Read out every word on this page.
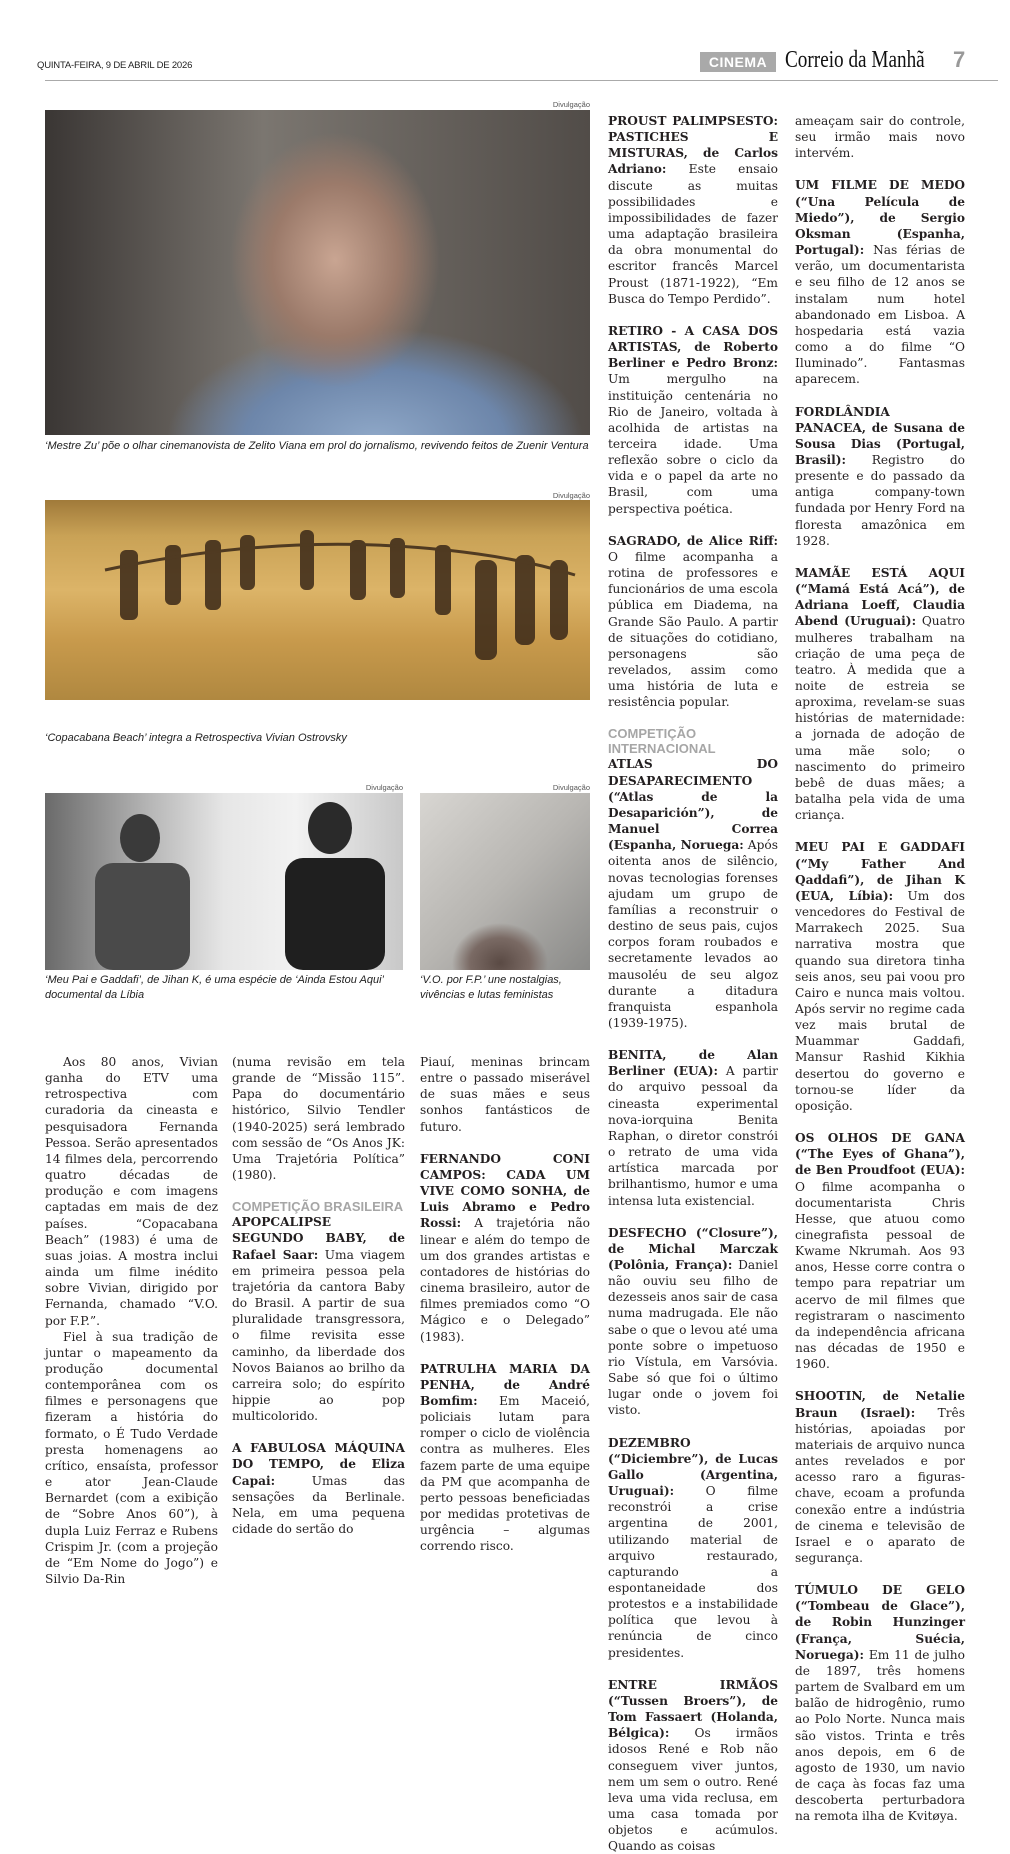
QUINTA-FEIRA, 9 DE ABRIL DE 2026	CINEMA Correio da Manhã 7
Divulgação
‘Mestre Zu’ põe o olhar cinemanovista de Zelito Viana em prol do jornalismo, revivendo feitos de Zuenir Ventura
Divulgação
‘Copacabana Beach’ integra a Retrospectiva Vivian Ostrovsky
Divulgação
‘Meu Pai e Gaddafi’, de Jihan K, é uma espécie de ‘Ainda Estou Aqui’ documental da Líbia
Divulgação
‘V.O. por F.P.’ une nostalgias, vivências e lutas feministas

Aos 80 anos, Vivian ganha do ETV uma retrospectiva com curadoria da cineasta e pesquisadora Fernanda Pessoa. Serão apresentados 14 filmes dela, percorrendo quatro décadas de produção e com imagens captadas em mais de dez países. “Copacabana Beach” (1983) é uma de suas joias. A mostra inclui ainda um filme inédito sobre Vivian, dirigido por Fernanda, chamado “V.O. por F.P.”.

Fiel à sua tradição de juntar o mapeamento da produção documental contemporânea com os filmes e personagens que fizeram a história do formato, o É Tudo Verdade presta homenagens ao crítico, ensaísta, professor e ator Jean-Claude Bernardet (com a exibição de “Sobre Anos 60”), à dupla Luiz Ferraz e Rubens Crispim Jr. (com a projeção de “Em Nome do Jogo”) e Silvio Da-Rin

(numa revisão em tela grande de “Missão 115”. Papa do documentário histórico, Silvio Tendler (1940-2025) será lembrado com sessão de “Os Anos JK: Uma Trajetória Política” (1980).

COMPETIÇÃO BRASILEIRA

APOPCALIPSE SEGUNDO BABY, de Rafael Saar: Uma viagem em primeira pessoa pela trajetória da cantora Baby do Brasil. A partir de sua pluralidade transgressora, o filme revisita esse caminho, da liberdade dos Novos Baianos ao brilho da carreira solo; do espírito hippie ao pop multicolorido.

A FABULOSA MÁQUINA DO TEMPO, de Eliza Capai: Umas das sensações da Berlinale. Nela, em uma pequena cidade do sertão do

Piauí, meninas brincam entre o passado miserável de suas mães e seus sonhos fantásticos de futuro.

FERNANDO CONI CAMPOS: CADA UM VIVE COMO SONHA, de Luis Abramo e Pedro Rossi: A trajetória não linear e além do tempo de um dos grandes artistas e contadores de histórias do cinema brasileiro, autor de filmes premiados como “O Mágico e o Delegado” (1983).

PATRULHA MARIA DA PENHA, de André Bomfim: Em Maceió, policiais lutam para romper o ciclo de violência contra as mulheres. Eles fazem parte de uma equipe da PM que acompanha de perto pessoas beneficiadas por medidas protetivas de urgência – algumas correndo risco.

PROUST PALIMPSESTO: PASTICHES E MISTURAS, de Carlos Adriano: Este ensaio discute as muitas possibilidades e impossibilidades de fazer uma adaptação brasileira da obra monumental do escritor francês Marcel Proust (1871-1922), “Em Busca do Tempo Perdido”.

RETIRO - A CASA DOS ARTISTAS, de Roberto Berliner e Pedro Bronz: Um mergulho na instituição centenária no Rio de Janeiro, voltada à acolhida de artistas na terceira idade. Uma reflexão sobre o ciclo da vida e o papel da arte no Brasil, com uma perspectiva poética.

SAGRADO, de Alice Riff: O filme acompanha a rotina de professores e funcionários de uma escola pública em Diadema, na Grande São Paulo. A partir de situações do cotidiano, personagens são revelados, assim como uma história de luta e resistência popular.

COMPETIÇÃO INTERNACIONAL

ATLAS DO DESAPARECIMENTO (“Atlas de la Desaparición”), de Manuel Correa (Espanha, Noruega: Após oitenta anos de silêncio, novas tecnologias forenses ajudam um grupo de famílias a reconstruir o destino de seus pais, cujos corpos foram roubados e secretamente levados ao mausoléu de seu algoz durante a ditadura franquista espanhola (1939-1975).

BENITA, de Alan Berliner (EUA): A partir do arquivo pessoal da cineasta experimental nova-iorquina Benita Raphan, o diretor constrói o retrato de uma vida artística marcada por brilhantismo, humor e uma intensa luta existencial.

DESFECHO (“Closure”), de Michal Marczak (Polônia, França): Daniel não ouviu seu filho de dezesseis anos sair de casa numa madrugada. Ele não sabe o que o levou até uma ponte sobre o impetuoso rio Vístula, em Varsóvia. Sabe só que foi o último lugar onde o jovem foi visto.

DEZEMBRO (“Diciembre”), de Lucas Gallo (Argentina, Uruguai): O filme reconstrói a crise argentina de 2001, utilizando material de arquivo restaurado, capturando a espontaneidade dos protestos e a instabilidade política que levou à renúncia de cinco presidentes.

ENTRE IRMÃOS (“Tussen Broers”), de Tom Fassaert (Holanda, Bélgica): Os irmãos idosos René e Rob não conseguem viver juntos, nem um sem o outro. René leva uma vida reclusa, em uma casa tomada por objetos e acúmulos. Quando as coisas

ameaçam sair do controle, seu irmão mais novo intervém.

UM FILME DE MEDO (“Una Película de Miedo”), de Sergio Oksman (Espanha, Portugal): Nas férias de verão, um documentarista e seu filho de 12 anos se instalam num hotel abandonado em Lisboa. A hospedaria está vazia como a do filme “O Iluminado”. Fantasmas aparecem.

FORDLÂNDIA PANACEA, de Susana de Sousa Dias (Portugal, Brasil): Registro do presente e do passado da antiga company-town fundada por Henry Ford na floresta amazônica em 1928.

MAMÃE ESTÁ AQUI (“Mamá Está Acá”), de Adriana Loeff, Claudia Abend (Uruguai): Quatro mulheres trabalham na criação de uma peça de teatro. À medida que a noite de estreia se aproxima, revelam-se suas histórias de maternidade: a jornada de adoção de uma mãe solo; o nascimento do primeiro bebê de duas mães; a batalha pela vida de uma criança.

MEU PAI E GADDAFI (“My Father And Qaddafi”), de Jihan K (EUA, Líbia): Um dos vencedores do Festival de Marrakech 2025. Sua narrativa mostra que quando sua diretora tinha seis anos, seu pai voou pro Cairo e nunca mais voltou. Após servir no regime cada vez mais brutal de Muammar Gaddafi, Mansur Rashid Kikhia desertou do governo e tornou-se líder da oposição.

OS OLHOS DE GANA (“The Eyes of Ghana”), de Ben Proudfoot (EUA): O filme acompanha o documentarista Chris Hesse, que atuou como cinegrafista pessoal de Kwame Nkrumah. Aos 93 anos, Hesse corre contra o tempo para repatriar um acervo de mil filmes que registraram o nascimento da independência africana nas décadas de 1950 e 1960.

SHOOTIN, de Netalie Braun (Israel): Três histórias, apoiadas por materiais de arquivo nunca antes revelados e por acesso raro a figuras-chave, ecoam a profunda conexão entre a indústria de cinema e televisão de Israel e o aparato de segurança.

TÚMULO DE GELO (“Tombeau de Glace”), de Robin Hunzinger (França, Suécia, Noruega): Em 11 de julho de 1897, três homens partem de Svalbard em um balão de hidrogênio, rumo ao Polo Norte. Nunca mais são vistos. Trinta e três anos depois, em 6 de agosto de 1930, um navio de caça às focas faz uma descoberta perturbadora na remota ilha de Kvitøya.
